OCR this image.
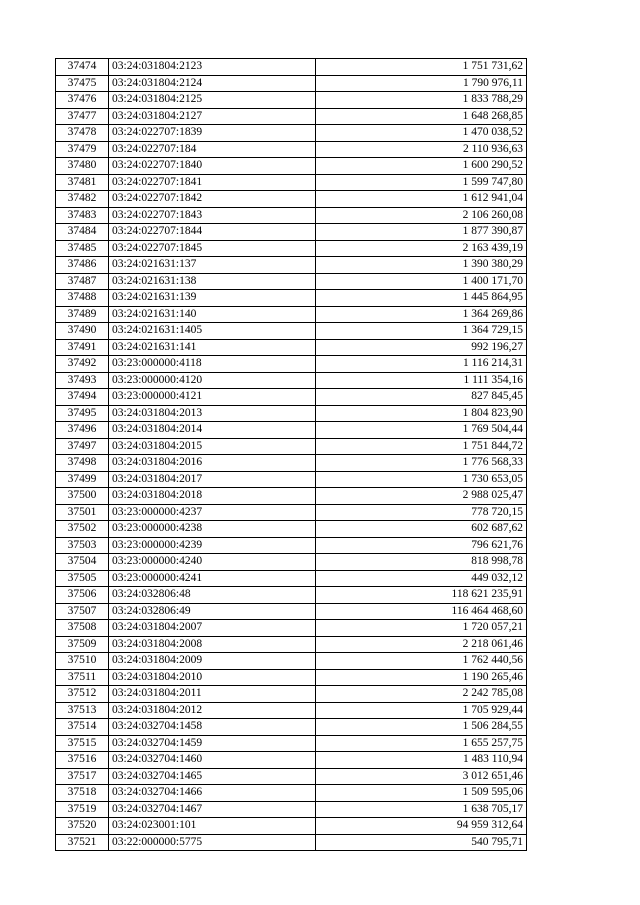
37474	03:24:031804:2123	1 751 731,62
37475	03:24:031804:2124	1 790 976,11
37476	03:24:031804:2125	1 833 788,29
37477	03:24:031804:2127	1 648 268,85
37478	03:24:022707:1839	1 470 038,52
37479	03:24:022707:184	2 110 936,63
37480	03:24:022707:1840	1 600 290,52
37481	03:24:022707:1841	1 599 747,80
37482	03:24:022707:1842	1 612 941,04
37483	03:24:022707:1843	2 106 260,08
37484	03:24:022707:1844	1 877 390,87
37485	03:24:022707:1845	2 163 439,19
37486	03:24:021631:137	1 390 380,29
37487	03:24:021631:138	1 400 171,70
37488	03:24:021631:139	1 445 864,95
37489	03:24:021631:140	1 364 269,86
37490	03:24:021631:1405	1 364 729,15
37491	03:24:021631:141	992 196,27
37492	03:23:000000:4118	1 116 214,31
37493	03:23:000000:4120	1 111 354,16
37494	03:23:000000:4121	827 845,45
37495	03:24:031804:2013	1 804 823,90
37496	03:24:031804:2014	1 769 504,44
37497	03:24:031804:2015	1 751 844,72
37498	03:24:031804:2016	1 776 568,33
37499	03:24:031804:2017	1 730 653,05
37500	03:24:031804:2018	2 988 025,47
37501	03:23:000000:4237	778 720,15
37502	03:23:000000:4238	602 687,62
37503	03:23:000000:4239	796 621,76
37504	03:23:000000:4240	818 998,78
37505	03:23:000000:4241	449 032,12
37506	03:24:032806:48	118 621 235,91
37507	03:24:032806:49	116 464 468,60
37508	03:24:031804:2007	1 720 057,21
37509	03:24:031804:2008	2 218 061,46
37510	03:24:031804:2009	1 762 440,56
37511	03:24:031804:2010	1 190 265,46
37512	03:24:031804:2011	2 242 785,08
37513	03:24:031804:2012	1 705 929,44
37514	03:24:032704:1458	1 506 284,55
37515	03:24:032704:1459	1 655 257,75
37516	03:24:032704:1460	1 483 110,94
37517	03:24:032704:1465	3 012 651,46
37518	03:24:032704:1466	1 509 595,06
37519	03:24:032704:1467	1 638 705,17
37520	03:24:023001:101	94 959 312,64
37521	03:22:000000:5775	540 795,71
